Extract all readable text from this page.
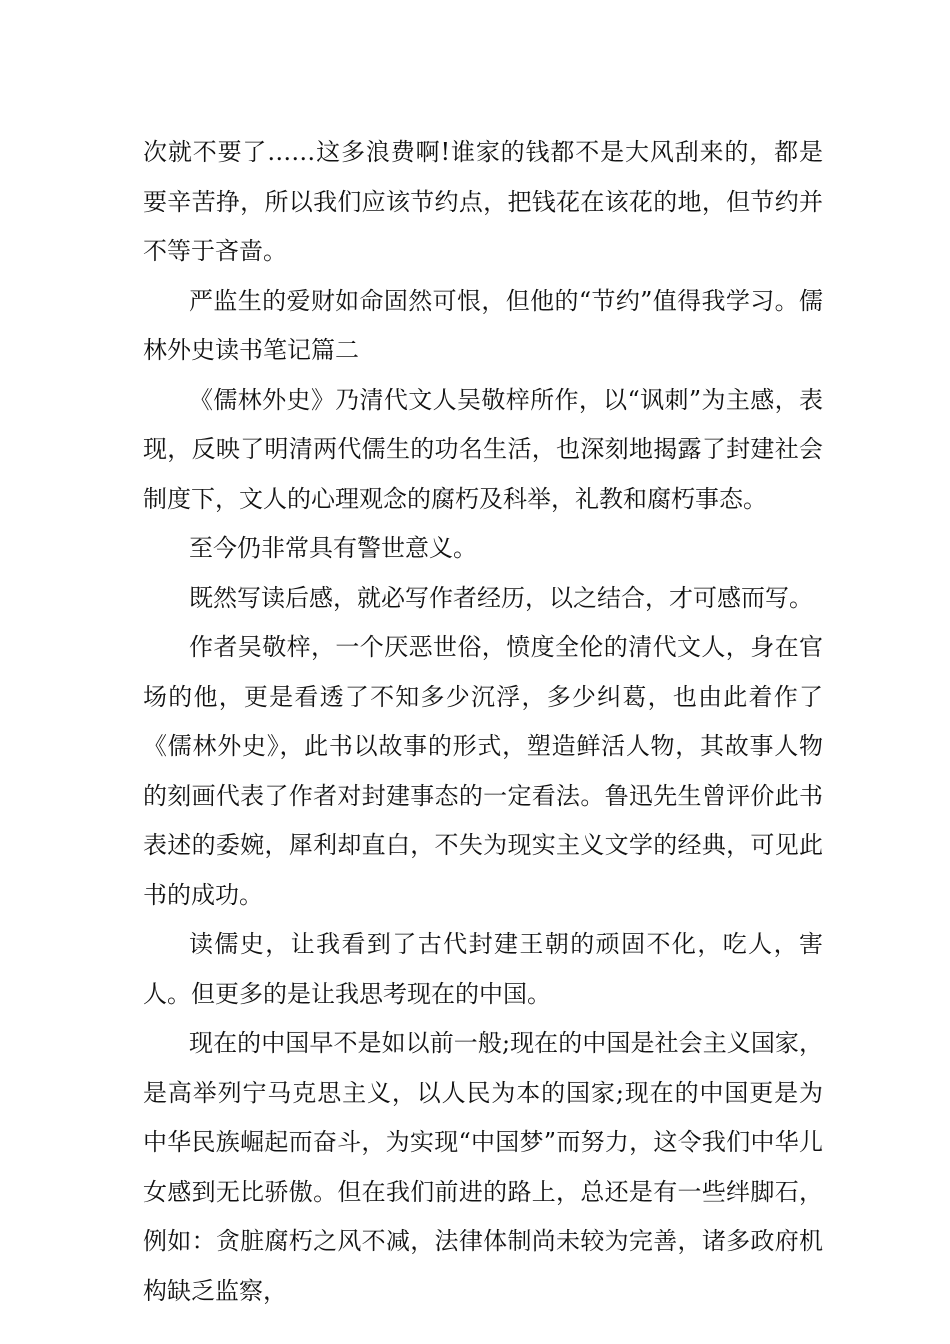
次就不要了……这多浪费啊!谁家的钱都不是大风刮来的，都是要辛苦挣，所以我们应该节约点，把钱花在该花的地，但节约并不等于吝啬。

严监生的爱财如命固然可恨，但他的“节约”值得我学习。儒林外史读书笔记篇二

《儒林外史》乃清代文人吴敬梓所作，以“讽刺”为主感，表现，反映了明清两代儒生的功名生活，也深刻地揭露了封建社会制度下，文人的心理观念的腐朽及科举，礼教和腐朽事态。

至今仍非常具有警世意义。

既然写读后感，就必写作者经历，以之结合，才可感而写。

作者吴敬梓，一个厌恶世俗，愤度全伦的清代文人，身在官场的他，更是看透了不知多少沉浮，多少纠葛，也由此着作了《儒林外史》，此书以故事的形式，塑造鲜活人物，其故事人物的刻画代表了作者对封建事态的一定看法。鲁迅先生曾评价此书表述的委婉，犀利却直白，不失为现实主义文学的经典，可见此书的成功。

读儒史，让我看到了古代封建王朝的顽固不化，吃人，害人。但更多的是让我思考现在的中国。

现在的中国早不是如以前一般;现在的中国是社会主义国家，是高举列宁马克思主义，以人民为本的国家;现在的中国更是为中华民族崛起而奋斗，为实现“中国梦”而努力，这令我们中华儿女感到无比骄傲。但在我们前进的路上，总还是有一些绊脚石，例如：贪脏腐朽之风不减，法律体制尚未较为完善，诸多政府机构缺乏监察，
